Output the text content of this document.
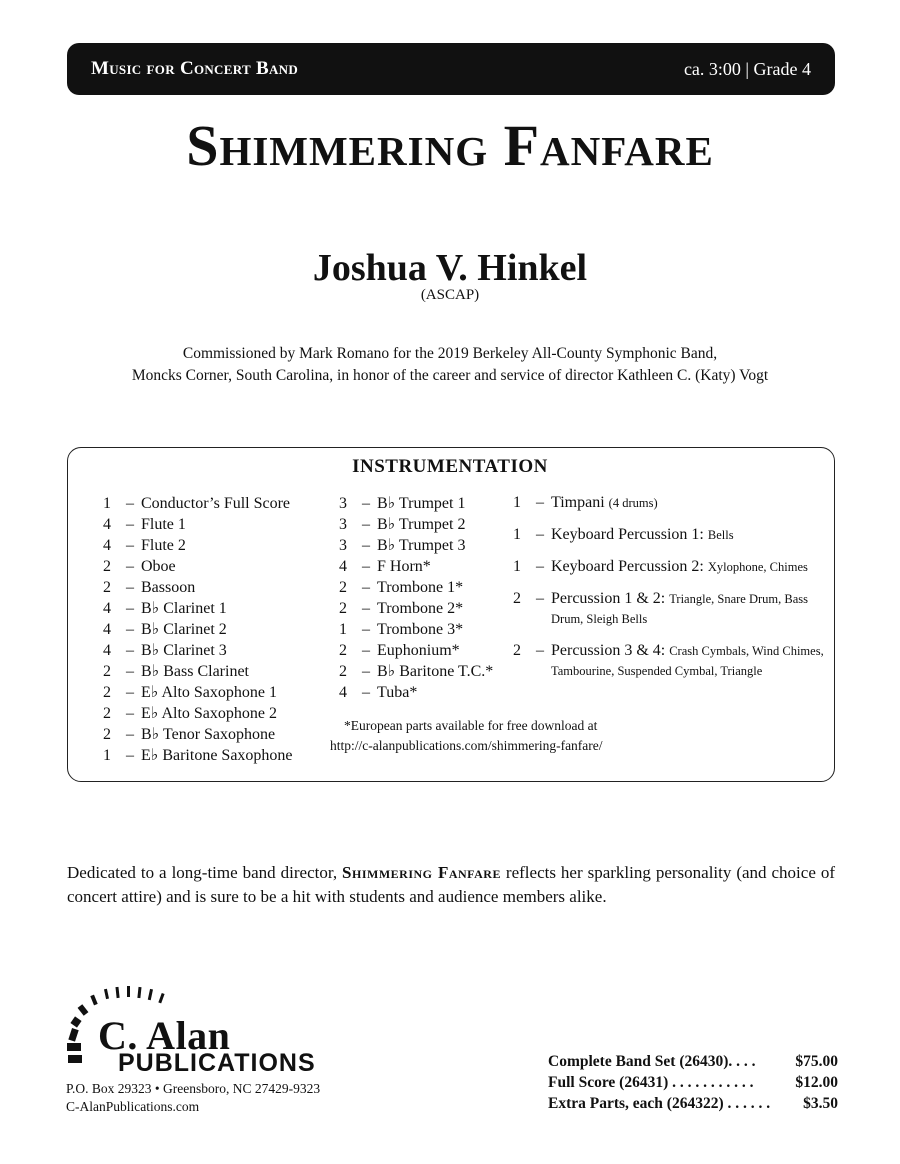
Music for Concert Band	ca. 3:00 | Grade 4
Shimmering Fanfare
Joshua V. Hinkel
(ASCAP)
Commissioned by Mark Romano for the 2019 Berkeley All-County Symphonic Band,
Moncks Corner, South Carolina, in honor of the career and service of director Kathleen C. (Katy) Vogt
INSTRUMENTATION
1 – Conductor’s Full Score
4 – Flute 1
4 – Flute 2
2 – Oboe
2 – Bassoon
4 – B♭ Clarinet 1
4 – B♭ Clarinet 2
4 – B♭ Clarinet 3
2 – B♭ Bass Clarinet
2 – E♭ Alto Saxophone 1
2 – E♭ Alto Saxophone 2
2 – B♭ Tenor Saxophone
1 – E♭ Baritone Saxophone
3 – B♭ Trumpet 1
3 – B♭ Trumpet 2
3 – B♭ Trumpet 3
4 – F Horn*
2 – Trombone 1*
2 – Trombone 2*
1 – Trombone 3*
2 – Euphonium*
2 – B♭ Baritone T.C.*
4 – Tuba*
1 – Timpani (4 drums)
1 – Keyboard Percussion 1: Bells
1 – Keyboard Percussion 2: Xylophone, Chimes
2 – Percussion 1 & 2: Triangle, Snare Drum, Bass Drum, Sleigh Bells
2 – Percussion 3 & 4: Crash Cymbals, Wind Chimes, Tambourine, Suspended Cymbal, Triangle
*European parts available for free download at
http://c-alanpublications.com/shimmering-fanfare/
Dedicated to a long-time band director, Shimmering Fanfare reflects her sparkling personality (and choice of concert attire) and is sure to be a hit with students and audience members alike.
C. Alan
PUBLICATIONS
P.O. Box 29323 • Greensboro, NC 27429-9323
C-AlanPublications.com
Complete Band Set (26430). . . .	$75.00
Full Score (26431) . . . . . . . . . . .	$12.00
Extra Parts, each (264322) . . . . . . $3.50
